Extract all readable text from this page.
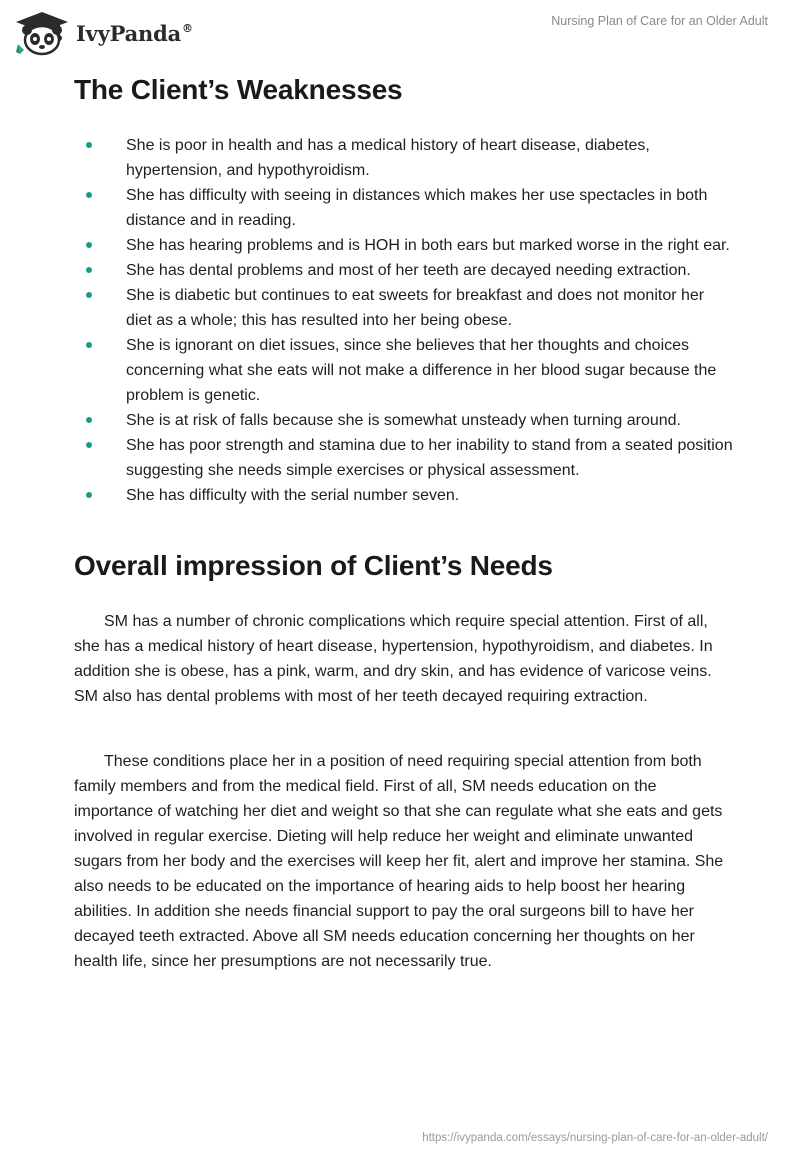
IvyPanda®	Nursing Plan of Care for an Older Adult
The Client’s Weaknesses
She is poor in health and has a medical history of heart disease, diabetes, hypertension, and hypothyroidism.
She has difficulty with seeing in distances which makes her use spectacles in both distance and in reading.
She has hearing problems and is HOH in both ears but marked worse in the right ear.
She has dental problems and most of her teeth are decayed needing extraction.
She is diabetic but continues to eat sweets for breakfast and does not monitor her diet as a whole; this has resulted into her being obese.
She is ignorant on diet issues, since she believes that her thoughts and choices concerning what she eats will not make a difference in her blood sugar because the problem is genetic.
She is at risk of falls because she is somewhat unsteady when turning around.
She has poor strength and stamina due to her inability to stand from a seated position suggesting she needs simple exercises or physical assessment.
She has difficulty with the serial number seven.
Overall impression of Client’s Needs

SM has a number of chronic complications which require special attention. First of all, she has a medical history of heart disease, hypertension, hypothyroidism, and diabetes. In addition she is obese, has a pink, warm, and dry skin, and has evidence of varicose veins. SM also has dental problems with most of her teeth decayed requiring extraction.

These conditions place her in a position of need requiring special attention from both family members and from the medical field. First of all, SM needs education on the importance of watching her diet and weight so that she can regulate what she eats and gets involved in regular exercise. Dieting will help reduce her weight and eliminate unwanted sugars from her body and the exercises will keep her fit, alert and improve her stamina. She also needs to be educated on the importance of hearing aids to help boost her hearing abilities. In addition she needs financial support to pay the oral surgeons bill to have her decayed teeth extracted. Above all SM needs education concerning her thoughts on her health life, since her presumptions are not necessarily true.

https://ivypanda.com/essays/nursing-plan-of-care-for-an-older-adult/
